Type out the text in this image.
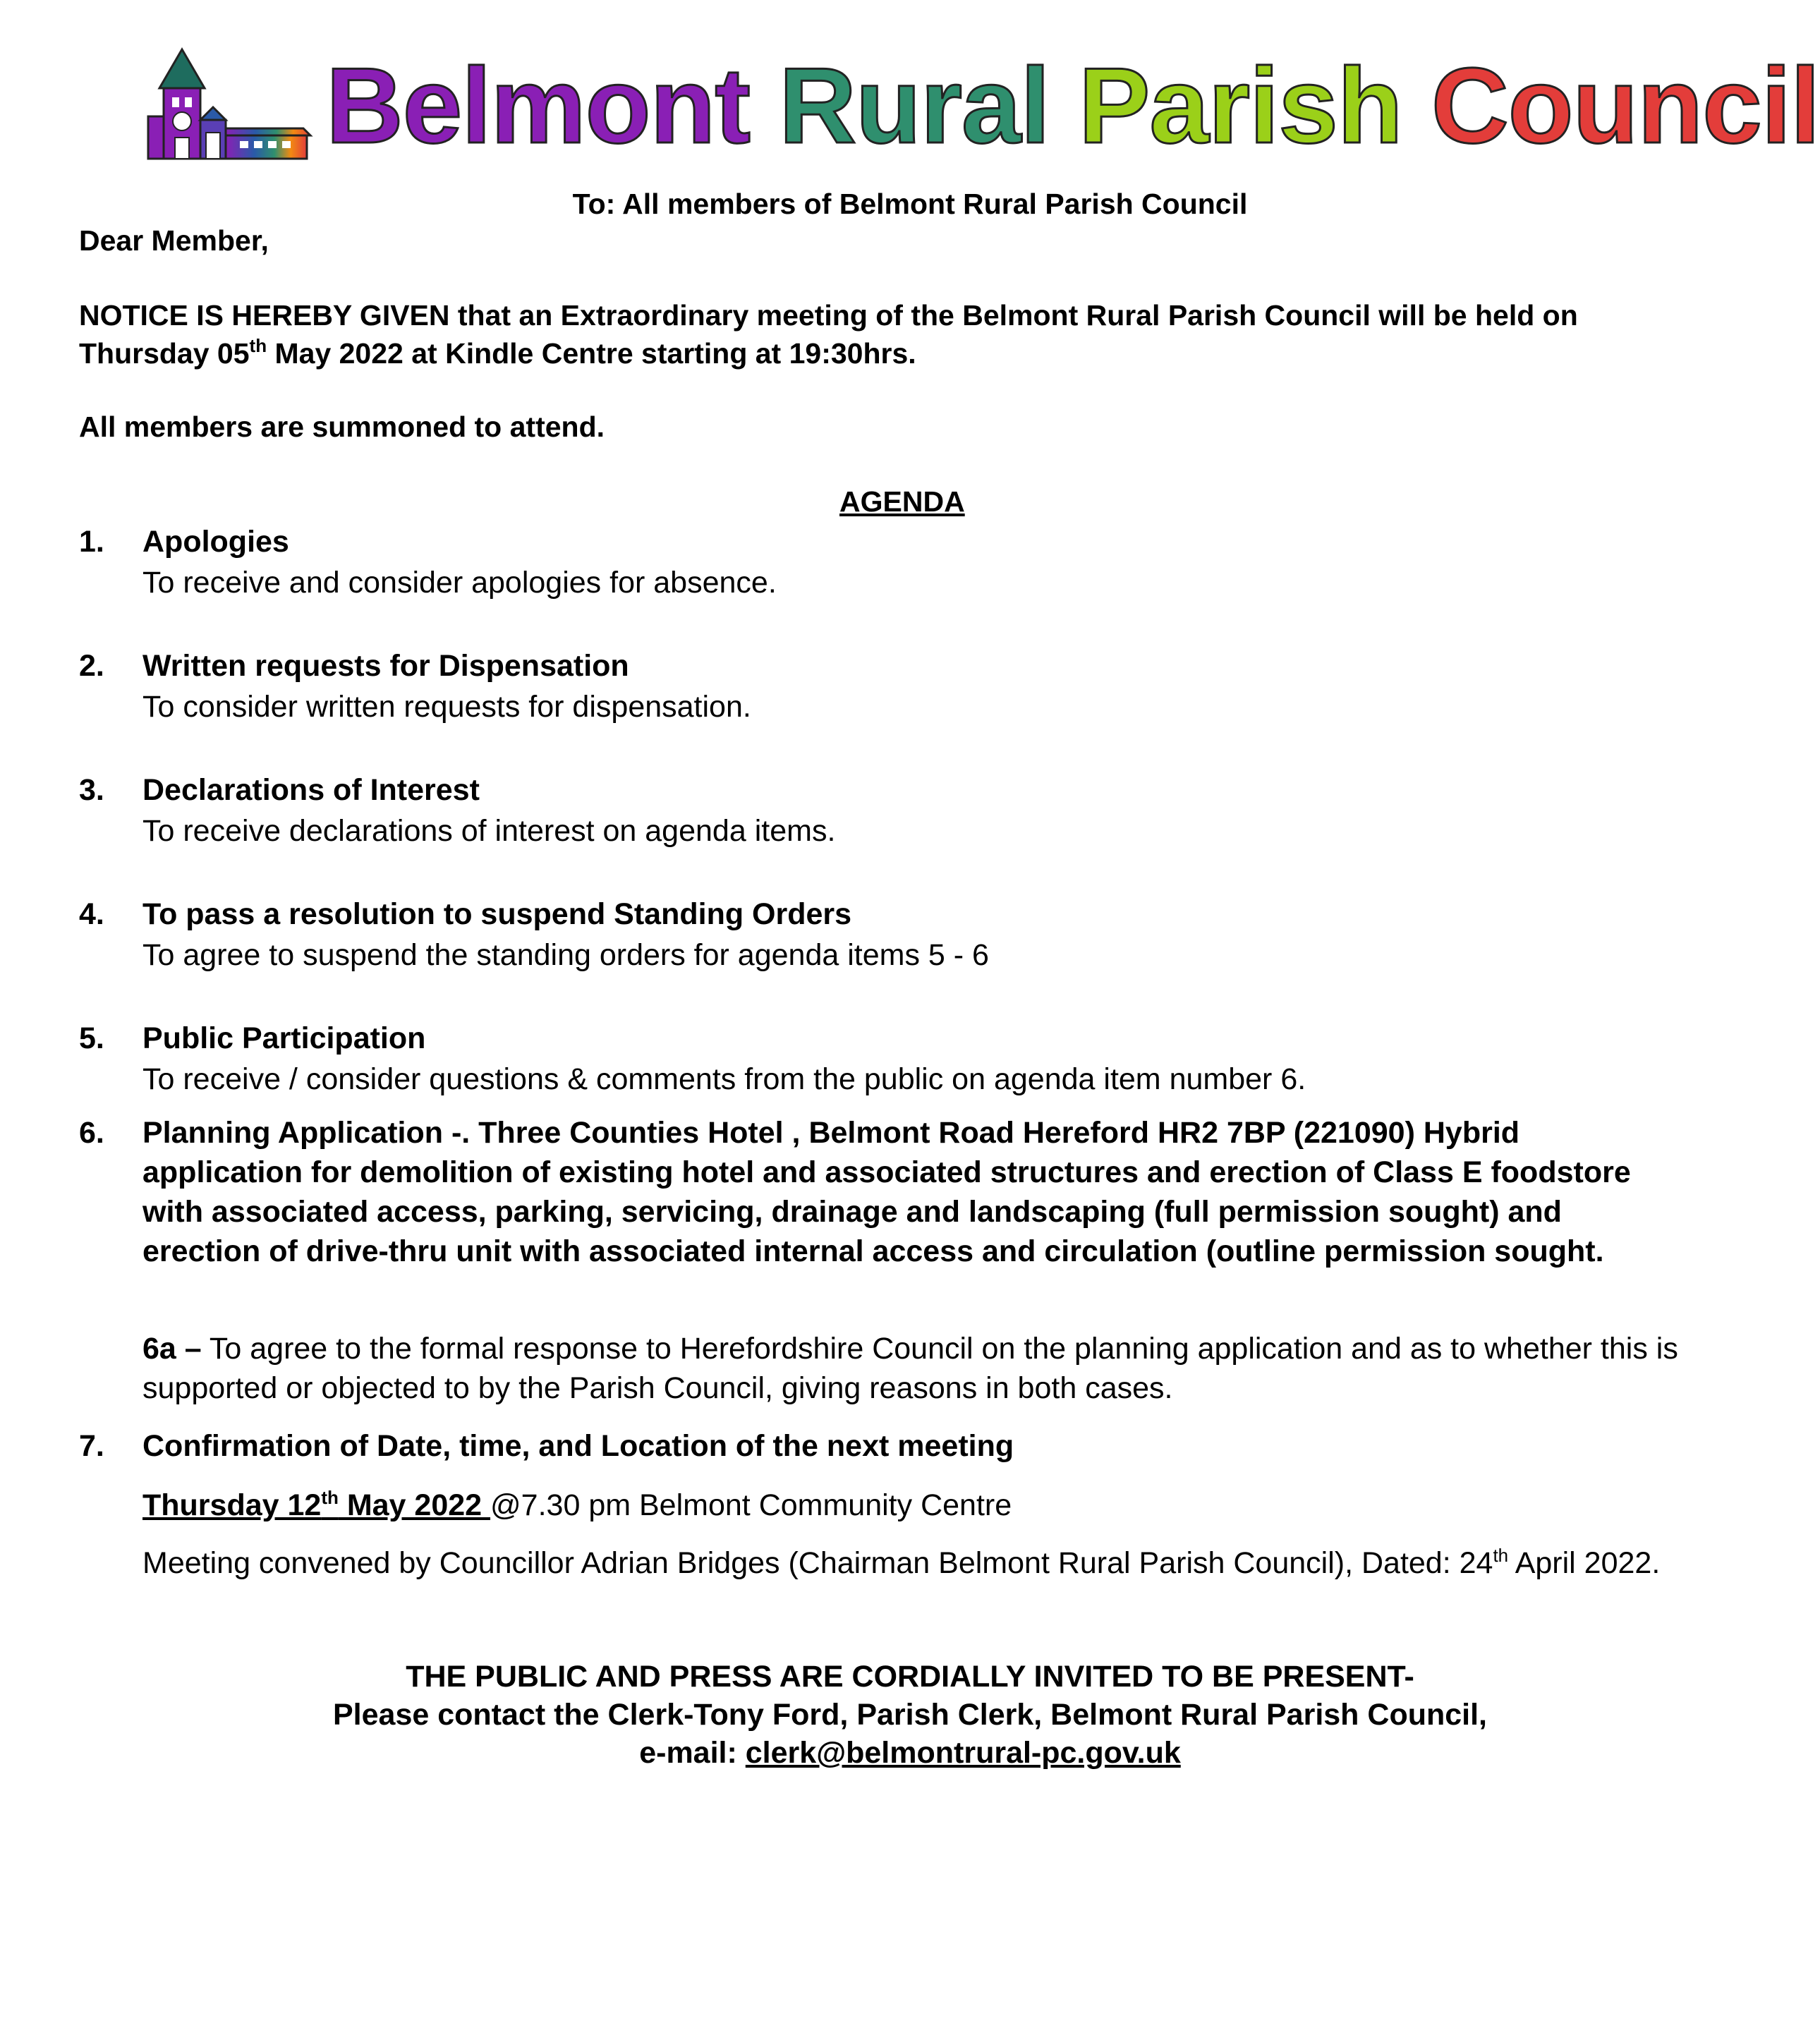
Belmont Rural Parish Council
To: All members of Belmont Rural Parish Council
Dear Member,
NOTICE IS HEREBY GIVEN that an Extraordinary meeting of the Belmont Rural Parish Council will be held on Thursday 05th May 2022 at Kindle Centre starting at 19:30hrs.
All members are summoned to attend.
AGENDA
1. Apologies
To receive and consider apologies for absence.
2. Written requests for Dispensation
To consider written requests for dispensation.
3. Declarations of Interest
To receive declarations of interest on agenda items.
4. To pass a resolution to suspend Standing Orders
To agree to suspend the standing orders for agenda items 5 - 6
5. Public Participation
To receive / consider questions & comments from the public on agenda item number 6.
6. Planning Application -. Three Counties Hotel , Belmont Road Hereford HR2 7BP (221090) Hybrid application for demolition of existing hotel and associated structures and erection of Class E foodstore with associated access, parking, servicing, drainage and landscaping (full permission sought) and erection of drive-thru unit with associated internal access and circulation (outline permission sought.
6a – To agree to the formal response to Herefordshire Council on the planning application and as to whether this is supported or objected to by the Parish Council, giving reasons in both cases.
7. Confirmation of Date, time, and Location of the next meeting
Thursday 12th May 2022 @7.30 pm Belmont Community Centre
Meeting convened by Councillor Adrian Bridges (Chairman Belmont Rural Parish Council), Dated: 24th April 2022.
THE PUBLIC AND PRESS ARE CORDIALLY INVITED TO BE PRESENT-
Please contact the Clerk-Tony Ford, Parish Clerk, Belmont Rural Parish Council,
e-mail: clerk@belmontrural-pc.gov.uk
